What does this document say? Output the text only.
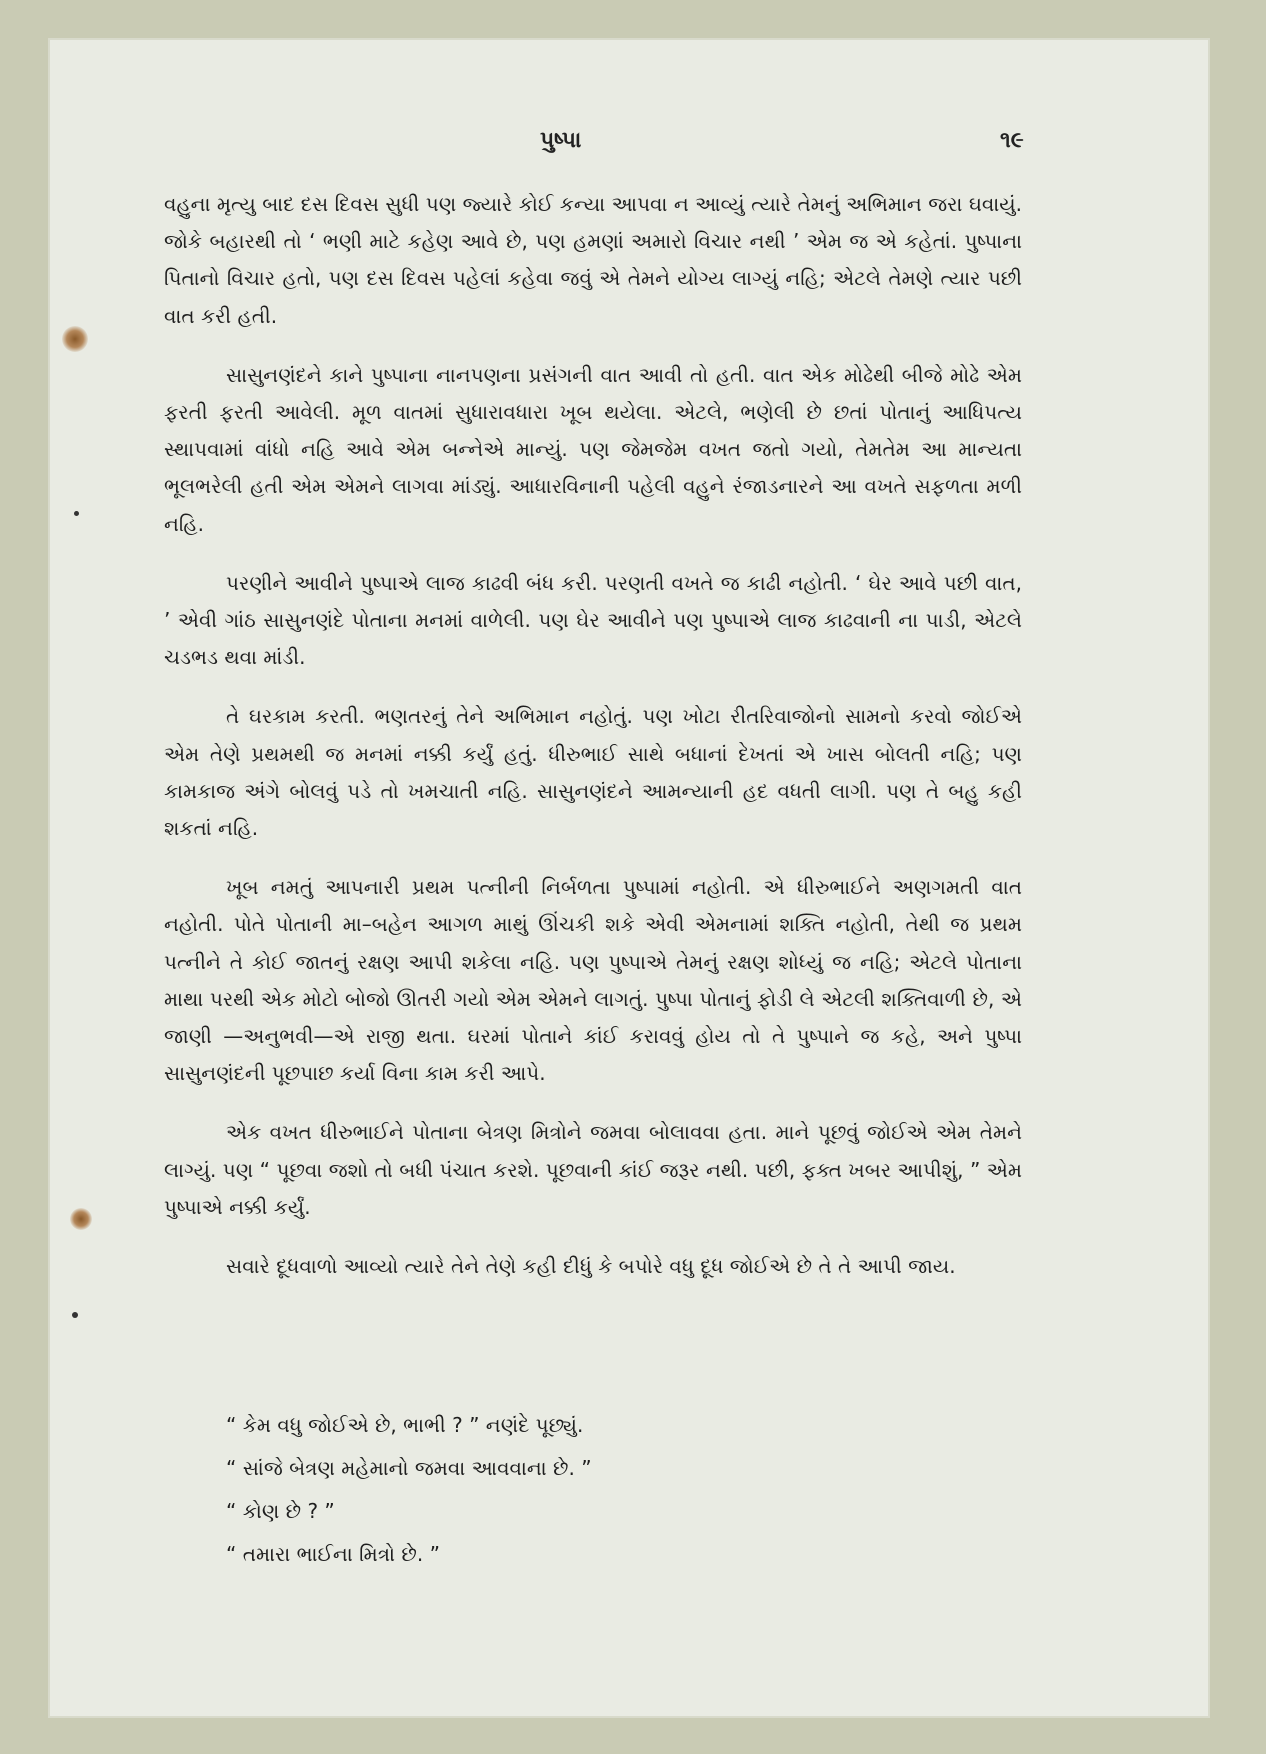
પુષ્પા	૧૯

વહુના મૃત્યુ બાદ દસ દિવસ સુધી પણ જ્યારે કોઈ કન્યા આપવા ન આવ્યું ત્યારે તેમનું અભિમાન જરા ઘવાયું. જોકે બહારથી તો ‘ ભણી માટે કહેણ આવે છે, પણ હમણાં અમારો વિચાર નથી ’ એમ જ એ કહેતાં. પુષ્પાના પિતાનો વિચાર હતો, પણ દસ દિવસ પહેલાં કહેવા જવું એ તેમને યોગ્ય લાગ્યું નહિ; એટલે તેમણે ત્યાર પછી વાત કરી હતી.

સાસુનણંદને કાને પુષ્પાના નાનપણના પ્રસંગની વાત આવી તો હતી. વાત એક મોઢેથી બીજે મોઢે એમ ફરતી ફરતી આવેલી. મૂળ વાતમાં સુધારાવધારા ખૂબ થયેલા. એટલે, ભણેલી છે છતાં પોતાનું આધિપત્ય સ્થાપવામાં વાંધો નહિ આવે એમ બન્નેએ માન્યું. પણ જેમજેમ વખત જતો ગયો, તેમતેમ આ માન્યતા ભૂલભરેલી હતી એમ એમને લાગવા માંડ્યું. આધારવિનાની પહેલી વહુને રંજાડનારને આ વખતે સફળતા મળી નહિ.

પરણીને આવીને પુષ્પાએ લાજ કાઢવી બંધ કરી. પરણતી વખતે જ કાઢી નહોતી. ‘ ઘેર આવે પછી વાત, ’ એવી ગાંઠ સાસુનણંદે પોતાના મનમાં વાળેલી. પણ ઘેર આવીને પણ પુષ્પાએ લાજ કાઢવાની ના પાડી, એટલે ચડભડ થવા માંડી.

તે ઘરકામ કરતી. ભણતરનું તેને અભિમાન નહોતું. પણ ખોટા રીતરિવાજોનો સામનો કરવો જોઈએ એમ તેણે પ્રથમથી જ મનમાં નક્કી કર્યું હતું. ધીરુભાઈ સાથે બધાનાં દેખતાં એ ખાસ બોલતી નહિ; પણ કામકાજ અંગે બોલવું પડે તો ખમચાતી નહિ. સાસુનણંદને આમન્યાની હદ વધતી લાગી. પણ તે બહુ કહી શકતાં નહિ.

ખૂબ નમતું આપનારી પ્રથમ પત્નીની નિર્બળતા પુષ્પામાં નહોતી. એ ધીરુભાઈને અણગમતી વાત નહોતી. પોતે પોતાની મા–બહેન આગળ માથું ઊંચકી શકે એવી એમનામાં શક્તિ નહોતી, તેથી જ પ્રથમ પત્નીને તે કોઈ જાતનું રક્ષણ આપી શકેલા નહિ. પણ પુષ્પાએ તેમનું રક્ષણ શોધ્યું જ નહિ; એટલે પોતાના માથા પરથી એક મોટો બોજો ઊતરી ગયો એમ એમને લાગતું. પુષ્પા પોતાનું ફોડી લે એટલી શક્તિવાળી છે, એ જાણી —અનુભવી—એ રાજી થતા. ઘરમાં પોતાને કાંઈ કરાવવું હોય તો તે પુષ્પાને જ કહે, અને પુષ્પા સાસુનણંદની પૂછપાછ કર્યા વિના કામ કરી આપે.

એક વખત ધીરુભાઈને પોતાના બેત્રણ મિત્રોને જમવા બોલાવવા હતા. માને પૂછવું જોઈએ એમ તેમને લાગ્યું. પણ “ પૂછવા જશો તો બધી પંચાત કરશે. પૂછવાની કાંઈ જરૂર નથી. પછી, ફક્ત ખબર આપીશું, ” એમ પુષ્પાએ નક્કી કર્યું.

સવારે દૂધવાળો આવ્યો ત્યારે તેને તેણે કહી દીધું કે બપોરે વધુ દૂધ જોઈએ છે તે તે આપી જાય.

“ કેમ વધુ જોઈએ છે, ભાભી ? ” નણંદે પૂછ્યું.
“ સાંજે બેત્રણ મહેમાનો જમવા આવવાના છે. ”
“ કોણ છે ? ”
“ તમારા ભાઈના મિત્રો છે. ”
